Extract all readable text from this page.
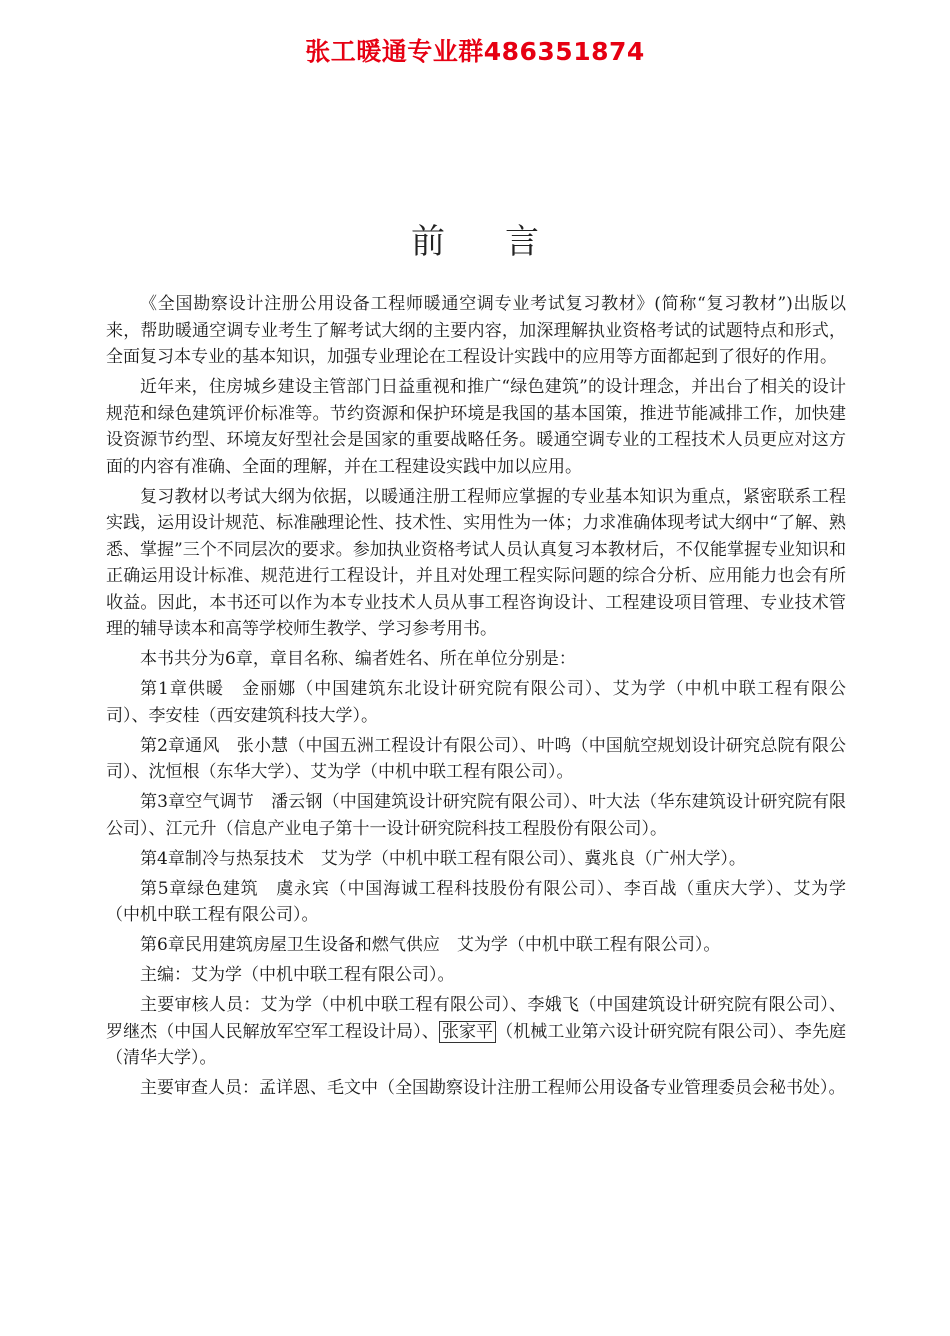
张工暖通专业群486351874
前言

《全国勘察设计注册公用设备工程师暖通空调专业考试复习教材》(简称“复习教材”)出版以来，帮助暖通空调专业考生了解考试大纲的主要内容，加深理解执业资格考试的试题特点和形式，全面复习本专业的基本知识，加强专业理论在工程设计实践中的应用等方面都起到了很好的作用。

近年来，住房城乡建设主管部门日益重视和推广“绿色建筑”的设计理念，并出台了相关的设计规范和绿色建筑评价标准等。节约资源和保护环境是我国的基本国策，推进节能减排工作，加快建设资源节约型、环境友好型社会是国家的重要战略任务。暖通空调专业的工程技术人员更应对这方面的内容有准确、全面的理解，并在工程建设实践中加以应用。

复习教材以考试大纲为依据，以暖通注册工程师应掌握的专业基本知识为重点，紧密联系工程实践，运用设计规范、标准融理论性、技术性、实用性为一体；力求准确体现考试大纲中“了解、熟悉、掌握”三个不同层次的要求。参加执业资格考试人员认真复习本教材后，不仅能掌握专业知识和正确运用设计标准、规范进行工程设计，并且对处理工程实际问题的综合分析、应用能力也会有所收益。因此，本书还可以作为本专业技术人员从事工程咨询设计、工程建设项目管理、专业技术管理的辅导读本和高等学校师生教学、学习参考用书。

本书共分为6章，章目名称、编者姓名、所在单位分别是：

第1章供暖　金丽娜（中国建筑东北设计研究院有限公司）、艾为学（中机中联工程有限公司）、李安桂（西安建筑科技大学）。

第2章通风　张小慧（中国五洲工程设计有限公司）、叶鸣（中国航空规划设计研究总院有限公司）、沈恒根（东华大学）、艾为学（中机中联工程有限公司）。

第3章空气调节　潘云钢（中国建筑设计研究院有限公司）、叶大法（华东建筑设计研究院有限公司）、江元升（信息产业电子第十一设计研究院科技工程股份有限公司）。

第4章制冷与热泵技术　艾为学（中机中联工程有限公司）、冀兆良（广州大学）。

第5章绿色建筑　虞永宾（中国海诚工程科技股份有限公司）、李百战（重庆大学）、艾为学（中机中联工程有限公司）。

第6章民用建筑房屋卫生设备和燃气供应　艾为学（中机中联工程有限公司）。

主编：艾为学（中机中联工程有限公司）。

主要审核人员：艾为学（中机中联工程有限公司）、李娥飞（中国建筑设计研究院有限公司）、罗继杰（中国人民解放军空军工程设计局）、 张家平 （机械工业第六设计研究院有限公司）、李先庭（清华大学）。

主要审查人员：孟详恩、毛文中（全国勘察设计注册工程师公用设备专业管理委员会秘书处）。
